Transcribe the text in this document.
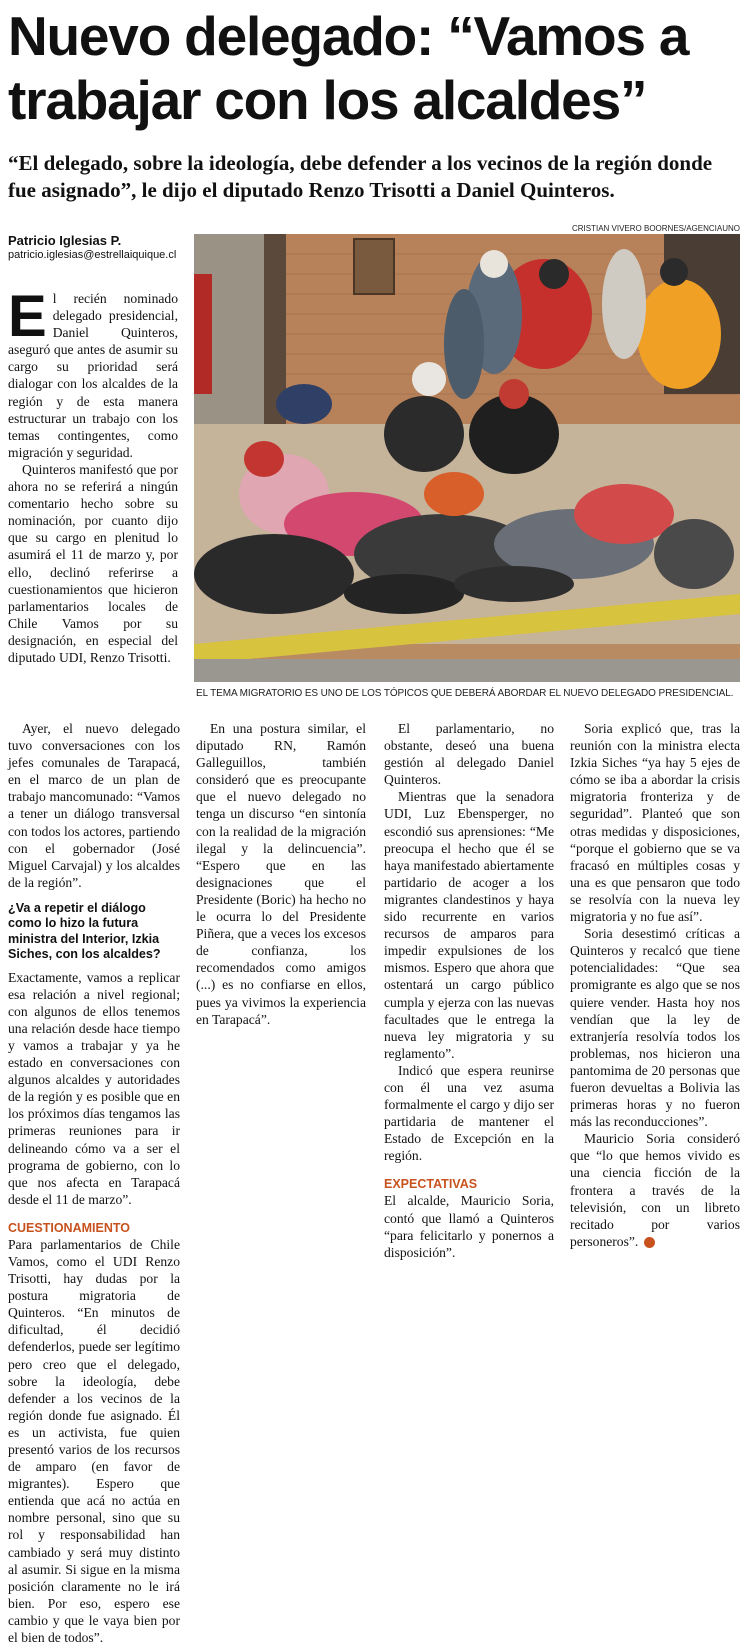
Nuevo delegado: “Vamos a trabajar con los alcaldes”
“El delegado, sobre la ideología, debe defender a los vecinos de la región donde fue asignado”, le dijo el diputado Renzo Trisotti a Daniel Quinteros.
CRISTIAN VIVERO BOORNES/AGENCIAUNO
Patricio Iglesias P.
patricio.iglesias@estrellaiquique.cl
EL TEMA MIGRATORIO ES UNO DE LOS TÓPICOS QUE DEBERÁ ABORDAR EL NUEVO DELEGADO PRESIDENCIAL.

El recién nominado delegado presidencial, Daniel Quinteros, aseguró que antes de asumir su cargo su prioridad será dialogar con los alcaldes de la región y de esta manera estructurar un trabajo con los temas contingentes, como migración y seguridad.

Quinteros manifestó que por ahora no se referirá a ningún comentario hecho sobre su nominación, por cuanto dijo que su cargo en plenitud lo asumirá el 11 de marzo y, por ello, declinó referirse a cuestionamientos que hicieron parlamentarios locales de Chile Vamos por su designación, en especial del diputado UDI, Renzo Trisotti.

Ayer, el nuevo delegado tuvo conversaciones con los jefes comunales de Tarapacá, en el marco de un plan de trabajo mancomunado: “Vamos a tener un diálogo transversal con todos los actores, partiendo con el gobernador (José Miguel Carvajal) y los alcaldes de la región”.

¿Va a repetir el diálogo como lo hizo la futura ministra del Interior, Izkia Siches, con los alcaldes?

Exactamente, vamos a replicar esa relación a nivel regional; con algunos de ellos tenemos una relación desde hace tiempo y vamos a trabajar y ya he estado en conversaciones con algunos alcaldes y autoridades de la región y es posible que en los próximos días tengamos las primeras reuniones para ir delineando cómo va a ser el programa de gobierno, con lo que nos afecta en Tarapacá desde el 11 de marzo”.

CUESTIONAMIENTO

Para parlamentarios de Chile Vamos, como el UDI Renzo Trisotti, hay dudas por la postura migratoria de Quinteros. “En minutos de dificultad, él decidió defenderlos, puede ser legítimo pero creo que el delegado, sobre la ideología, debe defender a los vecinos de la región donde fue asignado. Él es un activista, fue quien presentó varios de los recursos de amparo (en favor de migrantes). Espero que entienda que acá no actúa en nombre personal, sino que su rol y responsabilidad han cambiado y será muy distinto al asumir. Si sigue en la misma posición claramente no le irá bien. Por eso, espero ese cambio y que le vaya bien por el bien de todos”.

En una postura similar, el diputado RN, Ramón Galleguillos, también consideró que es preocupante que el nuevo delegado no tenga un discurso “en sintonía con la realidad de la migración ilegal y la delincuencia”. “Espero que en las designaciones que el Presidente (Boric) ha hecho no le ocurra lo del Presidente Piñera, que a veces los excesos de confianza, los recomendados como amigos (...) es no confiarse en ellos, pues ya vivimos la experiencia en Tarapacá”.

El parlamentario, no obstante, deseó una buena gestión al delegado Daniel Quinteros.

Mientras que la senadora UDI, Luz Ebensperger, no escondió sus aprensiones: “Me preocupa el hecho que él se haya manifestado abiertamente partidario de acoger a los migrantes clandestinos y haya sido recurrente en varios recursos de amparos para impedir expulsiones de los mismos. Espero que ahora que ostentará un cargo público cumpla y ejerza con las nuevas facultades que le entrega la nueva ley migratoria y su reglamento”.

Indicó que espera reunirse con él una vez asuma formalmente el cargo y dijo ser partidaria de mantener el Estado de Excepción en la región.

EXPECTATIVAS

El alcalde, Mauricio Soria, contó que llamó a Quinteros “para felicitarlo y ponernos a disposición”.

Soria explicó que, tras la reunión con la ministra electa Izkia Siches “ya hay 5 ejes de cómo se iba a abordar la crisis migratoria fronteriza y de seguridad”. Planteó que son otras medidas y disposiciones, “porque el gobierno que se va fracasó en múltiples cosas y una es que pensaron que todo se resolvía con la nueva ley migratoria y no fue así”.

Soria desestimó críticas a Quinteros y recalcó que tiene potencialidades: “Que sea promigrante es algo que se nos quiere vender. Hasta hoy nos vendían que la ley de extranjería resolvía todos los problemas, nos hicieron una pantomima de 20 personas que fueron devueltas a Bolivia las primeras horas y no fueron más las reconducciones”.

Mauricio Soria consideró que “lo que hemos vivido es una ciencia ficción de la frontera a través de la televisión, con un libreto recitado por varios personeros”.	✪
